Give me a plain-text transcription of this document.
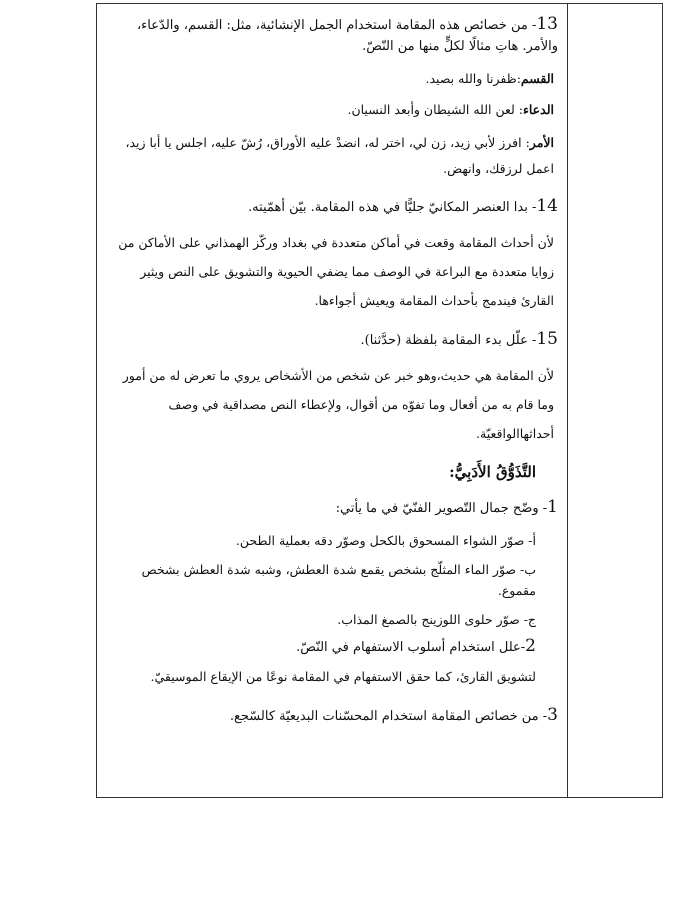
13- من خصائص هذه المقامة استخدام الجمل الإنشائية، مثل: القسم، والدّعاء، والأمر. هاتِ مثالًا لكلٍّ منها من النّصّ.

القسم:ظفرنا والله بصيد.

الدعاء: لعن الله الشيطان وأبعد النسيان.

الأمر: افرز لأبي زيد، زن لي، اختر له، انضدْ عليه الأوراق، رُشّ عليه، اجلس يا أبا زيد، اعمل لرزقك، وانهض.

14- بدا العنصر المكانيّ جليًّا في هذه المقامة. بيّن أهمّيته.

لأن أحداث المقامة وقعت في أماكن متعددة في بغداد وركّز الهمذاني على الأماكن من زوايا متعددة مع البراعة في الوصف مما يضفي الحيوية والتشويق على النص ويثير القارئ فيندمج بأحداث المقامة ويعيش أجواءها.

15- علّل بدء المقامة بلفظة (حدَّثنا).

لأن المقامة هي حديث،وهو خبر عن شخص من الأشخاص يروي ما تعرض له من أمور وما قام به من أفعال وما تفوّه من أقوال، ولإعطاء النص مصداقية في وصف أحداثهاالواقعيّة.

التَّذَوُّقُ الأَدَبِيُّ:

1- وضّح جمال التّصوير الفنّيّ في ما يأتي:

أ- صوّر الشواء المسحوق بالكحل وصوّر دقه بعملية الطحن.

ب- صوّر الماء المثلّج بشخص يقمع شدة العطش، وشبه شدة العطش بشخص مقموع.

ج- صوّر حلوى اللوزينج بالصمغ المذاب.

2-علل استخدام أسلوب الاستفهام في النّصّ.

لتشويق القارئ، كما حقق الاستفهام في المقامة نوعًا من الإيقاع الموسيقيّ.

3- من خصائص المقامة استخدام المحسّنات البديعيّة كالسّجع.
